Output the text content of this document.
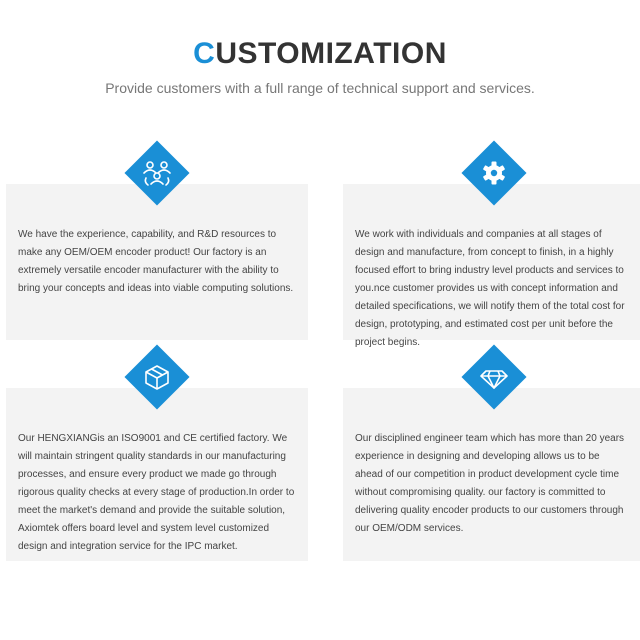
CUSTOMIZATION
Provide customers with a full range of technical support and services.

We have the experience, capability, and R&D resources to make any OEM/OEM encoder product! Our factory is an extremely versatile encoder manufacturer with the ability to bring your concepts and ideas into viable computing solutions.

We work with individuals and companies at all stages of design and manufacture, from concept to finish, in a highly focused effort to bring industry level products and services to you.nce customer provides us with concept information and detailed specifications, we will notify them of the total cost for design, prototyping, and estimated cost per unit before the project begins.

Our HENGXIANGis an ISO9001 and CE certified factory. We will maintain stringent quality standards in our manufacturing processes, and ensure every product we made go through rigorous quality checks at every stage of production.In order to meet the market's demand and provide the suitable solution, Axiomtek offers board level and system level customized design and integration service for the IPC market.

Our disciplined engineer team which has more than 20 years experience in designing and developing allows us to be ahead of our competition in product development cycle time without compromising quality. our factory is committed to delivering quality encoder products to our customers through our OEM/ODM services.
